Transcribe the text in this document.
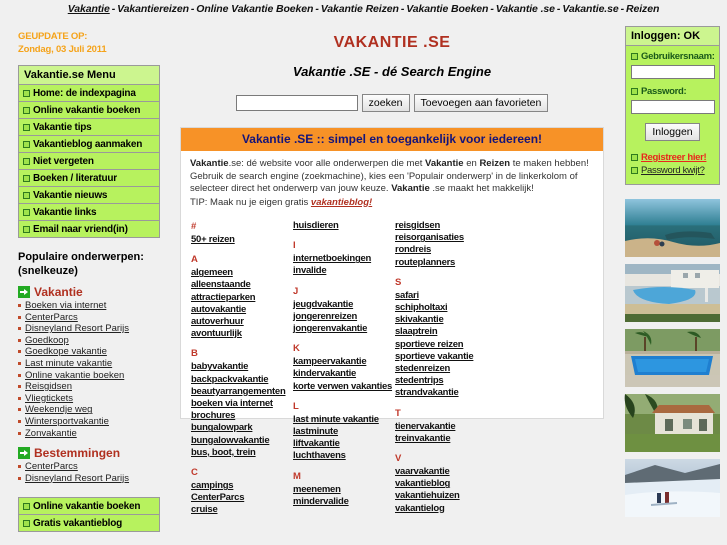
Vakantie - Vakantiereizen - Online Vakantie Boeken - Vakantie Reizen - Vakantie Boeken - Vakantie .se - Vakantie.se - Reizen
GEUPDATE OP:
Zondag, 03 Juli 2011
Vakantie.se Menu
Home: de indexpagina
Online vakantie boeken
Vakantie tips
Vakantieblog aanmaken
Niet vergeten
Boeken / literatuur
Vakantie nieuws
Vakantie links
Email naar vriend(in)
Populaire onderwerpen:
(snelkeuze)
Vakantie
Boeken via internet
CenterParcs
Disneyland Resort Parijs
Goedkoop
Goedkope vakantie
Last minute vakantie
Online vakantie boeken
Reisgidsen
Vliegtickets
Weekendje weg
Wintersportvakantie
Zonvakantie
Bestemmingen
CenterParcs
Disneyland Resort Parijs
Online vakantie boeken
Gratis vakantieblog
VAKANTIE .SE
Vakantie .SE - dé Search Engine
zoeken	Toevoegen aan favorieten
Vakantie .SE :: simpel en toegankelijk voor iedereen!
Vakantie.se: dé website voor alle onderwerpen die met Vakantie en Reizen te maken hebben! Gebruik de search engine (zoekmachine), kies een 'Populair onderwerp' in de linkerkolom of selecteer direct het onderwerp van jouw keuze. Vakantie .se maakt het makkelijk!
TIP: Maak nu je eigen gratis vakantieblog!
#
50+ reizen
A
algemeen
alleenstaande
attractieparken
autovakantie
autoverhuur
avontuurlijk
B
babyvakantie
backpackvakantie
beautyarrangementen
boeken via internet
brochures
bungalowpark
bungalowvakantie
bus, boot, trein
C
campings
CenterParcs
cruise
huisdieren
I
internetboekingen
invalide
J
jeugdvakantie
jongerenreizen
jongerenvakantie
K
kampeervakantie
kindervakantie
korte verwen vakanties
L
last minute vakantie
lastminute
liftvakantie
luchthavens
M
meenemen
mindervalide
reisgidsen
reisorganisaties
rondreis
routeplanners
S
safari
schipholtaxi
skivakantie
slaaptrein
sportieve reizen
sportieve vakantie
stedenreizen
stedentrips
strandvakantie
T
tienervakantie
treinvakantie
V
vaarvakantie
vakantieblog
vakantiehuizen
vakantielog
Inloggen: OK
Gebruikersnaam:
Password:
Inloggen
Registreer hier!
Password kwijt?
